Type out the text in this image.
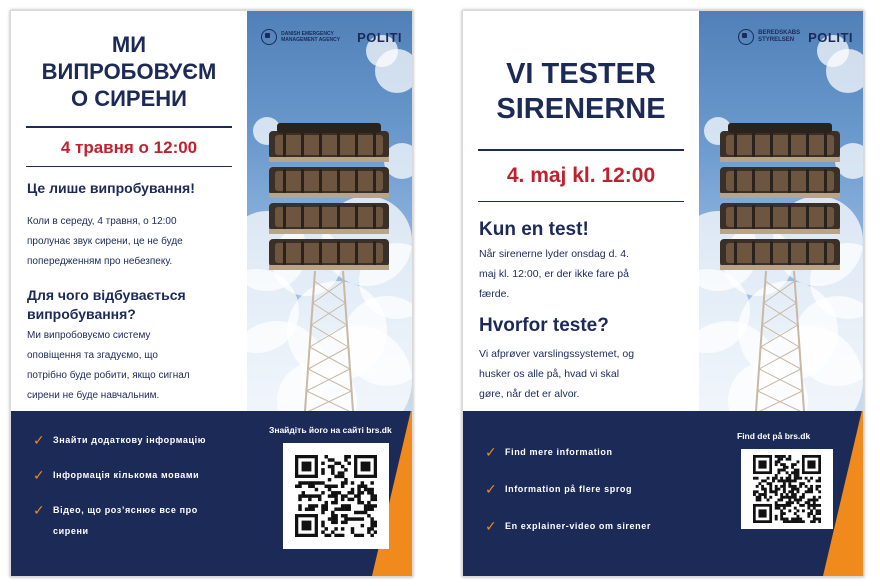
DANISH EMERGENCY MANAGEMENT AGENCY	POLITI
МИ
ВИПРОБОВУЄМ
О СИРЕНИ
4 травня о 12:00

Це лише випробування!

Коли в середу, 4 травня, о 12:00
пролунає звук сирени, це не буде
попередженням про небезпеку.
Для чого відбувається
випробування?
Ми випробовуємо систему
оповіщення та згадуємо, що
потрібно буде робити, якщо сигнал
сирени не буде навчальним.
✓ Знайти додаткову інформацію
✓ Інформація кількома мовами
✓ Відео, що роз’яснює все про
сирени
Знайдіть його на сайті brs.dk
BEREDSKABS
STYRELSEN	POLITI
VI TESTER
SIRENERNE
4. maj kl. 12:00

Kun en test!

Når sirenerne lyder onsdag d. 4.
maj kl. 12:00, er der ikke fare på
færde.

Hvorfor teste?

Vi afprøver varslingssystemet, og
husker os alle på, hvad vi skal
gøre, når det er alvor.
✓ Find mere information
✓ Information på flere sprog
✓ En explainer-video om sirener
Find det på brs.dk
